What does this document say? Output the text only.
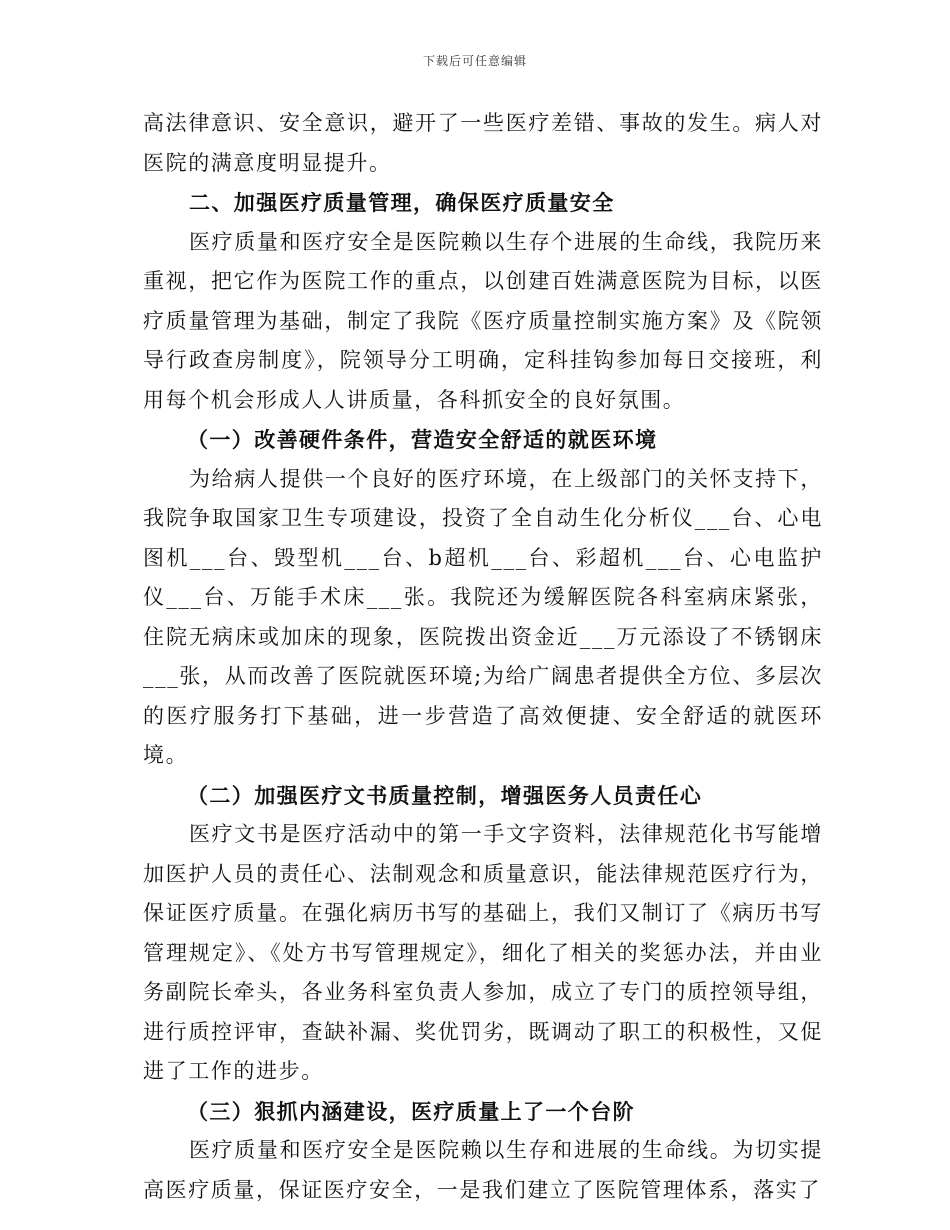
下载后可任意编辑

高法律意识、安全意识，避开了一些医疗差错、事故的发生。病人对医院的满意度明显提升。

二、加强医疗质量管理，确保医疗质量安全

医疗质量和医疗安全是医院赖以生存个进展的生命线，我院历来重视，把它作为医院工作的重点，以创建百姓满意医院为目标，以医疗质量管理为基础，制定了我院《医疗质量控制实施方案》及《院领导行政查房制度》，院领导分工明确，定科挂钩参加每日交接班，利用每个机会形成人人讲质量，各科抓安全的良好氛围。

（一）改善硬件条件，营造安全舒适的就医环境

为给病人提供一个良好的医疗环境，在上级部门的关怀支持下，我院争取国家卫生专项建设，投资了全自动生化分析仪___台、心电图机___台、毁型机___台、b超机___台、彩超机___台、心电监护仪___台、万能手术床___张。我院还为缓解医院各科室病床紧张，住院无病床或加床的现象，医院拨出资金近___万元添设了不锈钢床___张，从而改善了医院就医环境;为给广阔患者提供全方位、多层次的医疗服务打下基础，进一步营造了高效便捷、安全舒适的就医环境。

（二）加强医疗文书质量控制，增强医务人员责任心

医疗文书是医疗活动中的第一手文字资料，法律规范化书写能增加医护人员的责任心、法制观念和质量意识，能法律规范医疗行为，保证医疗质量。在强化病历书写的基础上，我们又制订了《病历书写管理规定》、《处方书写管理规定》，细化了相关的奖惩办法，并由业务副院长牵头，各业务科室负责人参加，成立了专门的质控领导组，进行质控评审，查缺补漏、奖优罚劣，既调动了职工的积极性，又促进了工作的进步。

（三）狠抓内涵建设，医疗质量上了一个台阶

医疗质量和医疗安全是医院赖以生存和进展的生命线。为切实提高医疗质量，保证医疗安全，一是我们建立了医院管理体系，落实了
